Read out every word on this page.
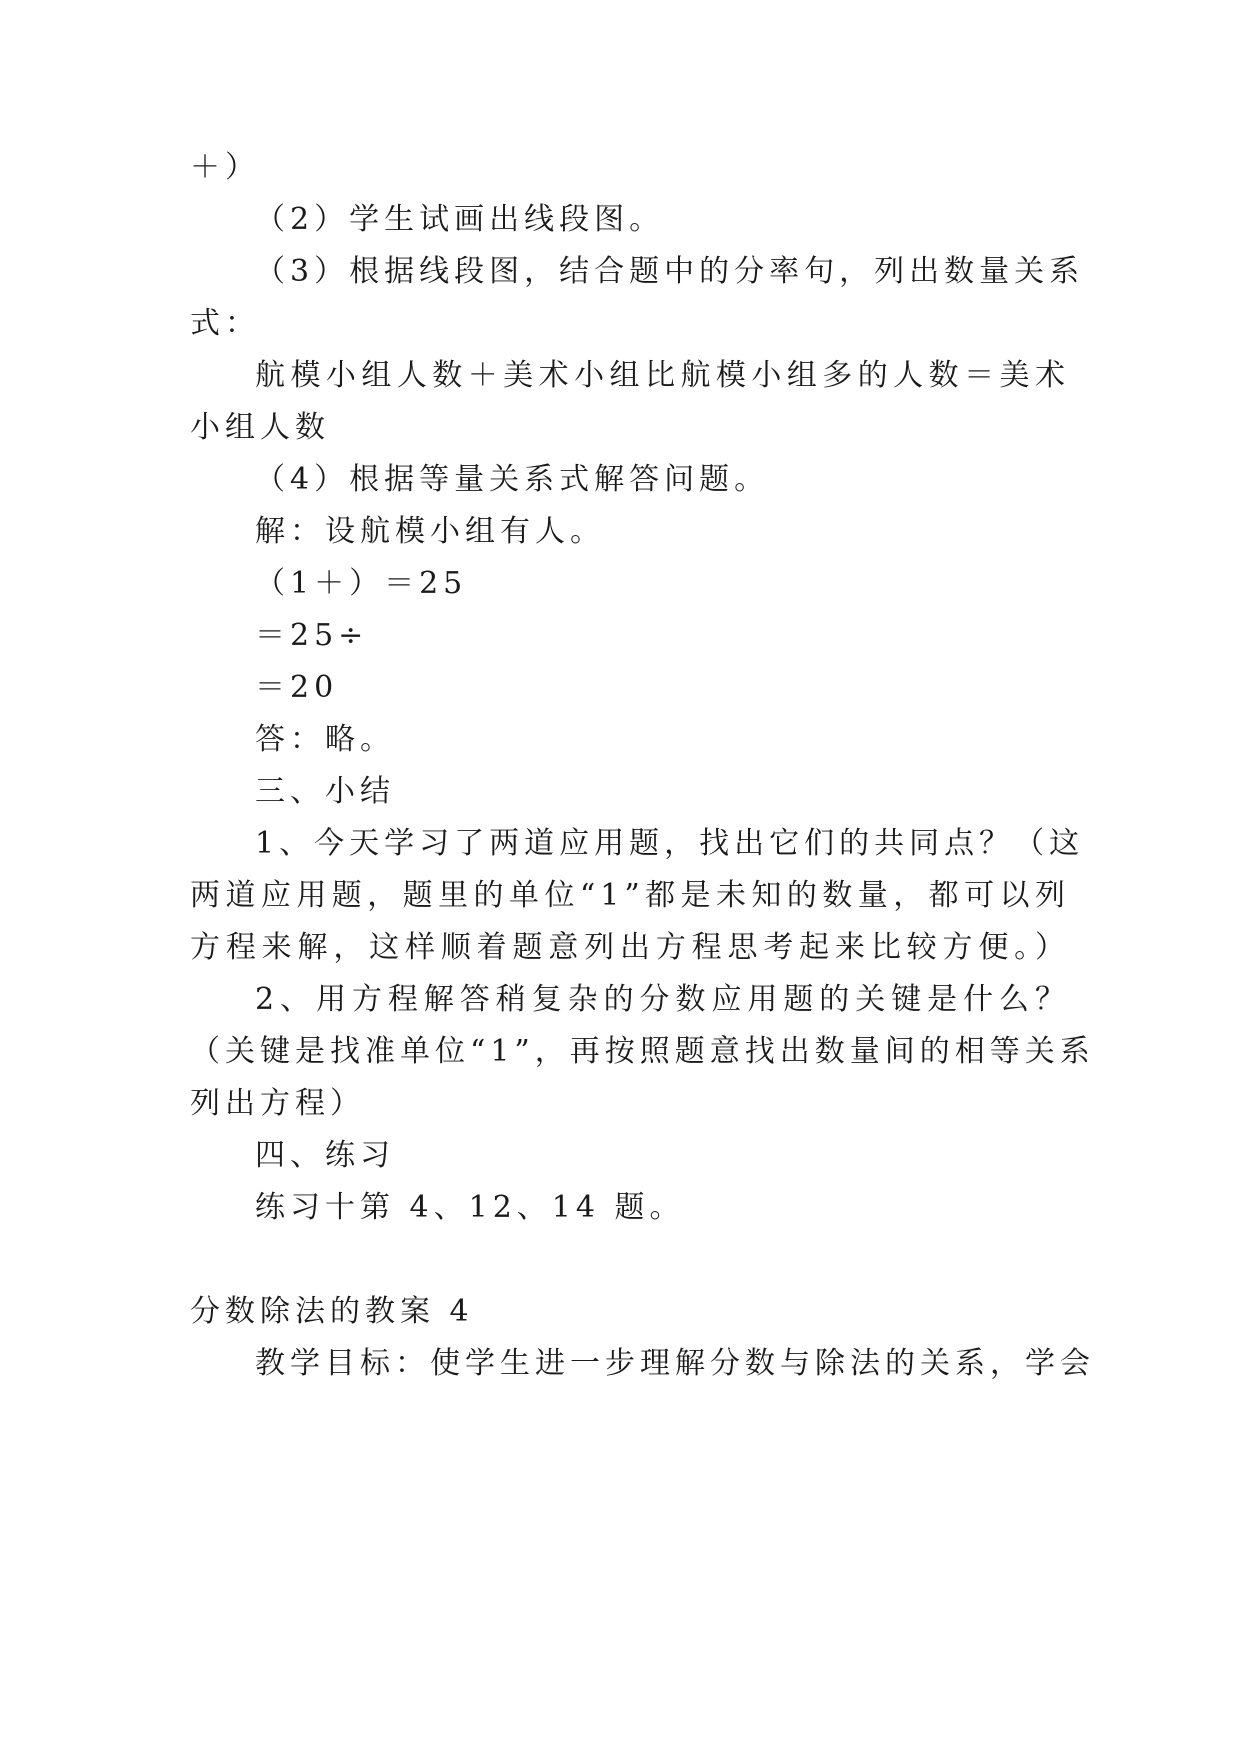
＋）
（2）学生试画出线段图。
（3）根据线段图，结合题中的分率句，列出数量关系
式：
航模小组人数＋美术小组比航模小组多的人数＝美术
小组人数
（4）根据等量关系式解答问题。
解：设航模小组有人。
（1＋）＝25
＝25÷
＝20
答：略。
三、小结
1、今天学习了两道应用题，找出它们的共同点？（这
两道应用题，题里的单位“1”都是未知的数量，都可以列
方程来解，这样顺着题意列出方程思考起来比较方便。）
2、用方程解答稍复杂的分数应用题的关键是什么？
（关键是找准单位“1”，再按照题意找出数量间的相等关系
列出方程）
四、练习
练习十第 4、12、14 题。
分数除法的教案 4
教学目标：使学生进一步理解分数与除法的关系，学会
